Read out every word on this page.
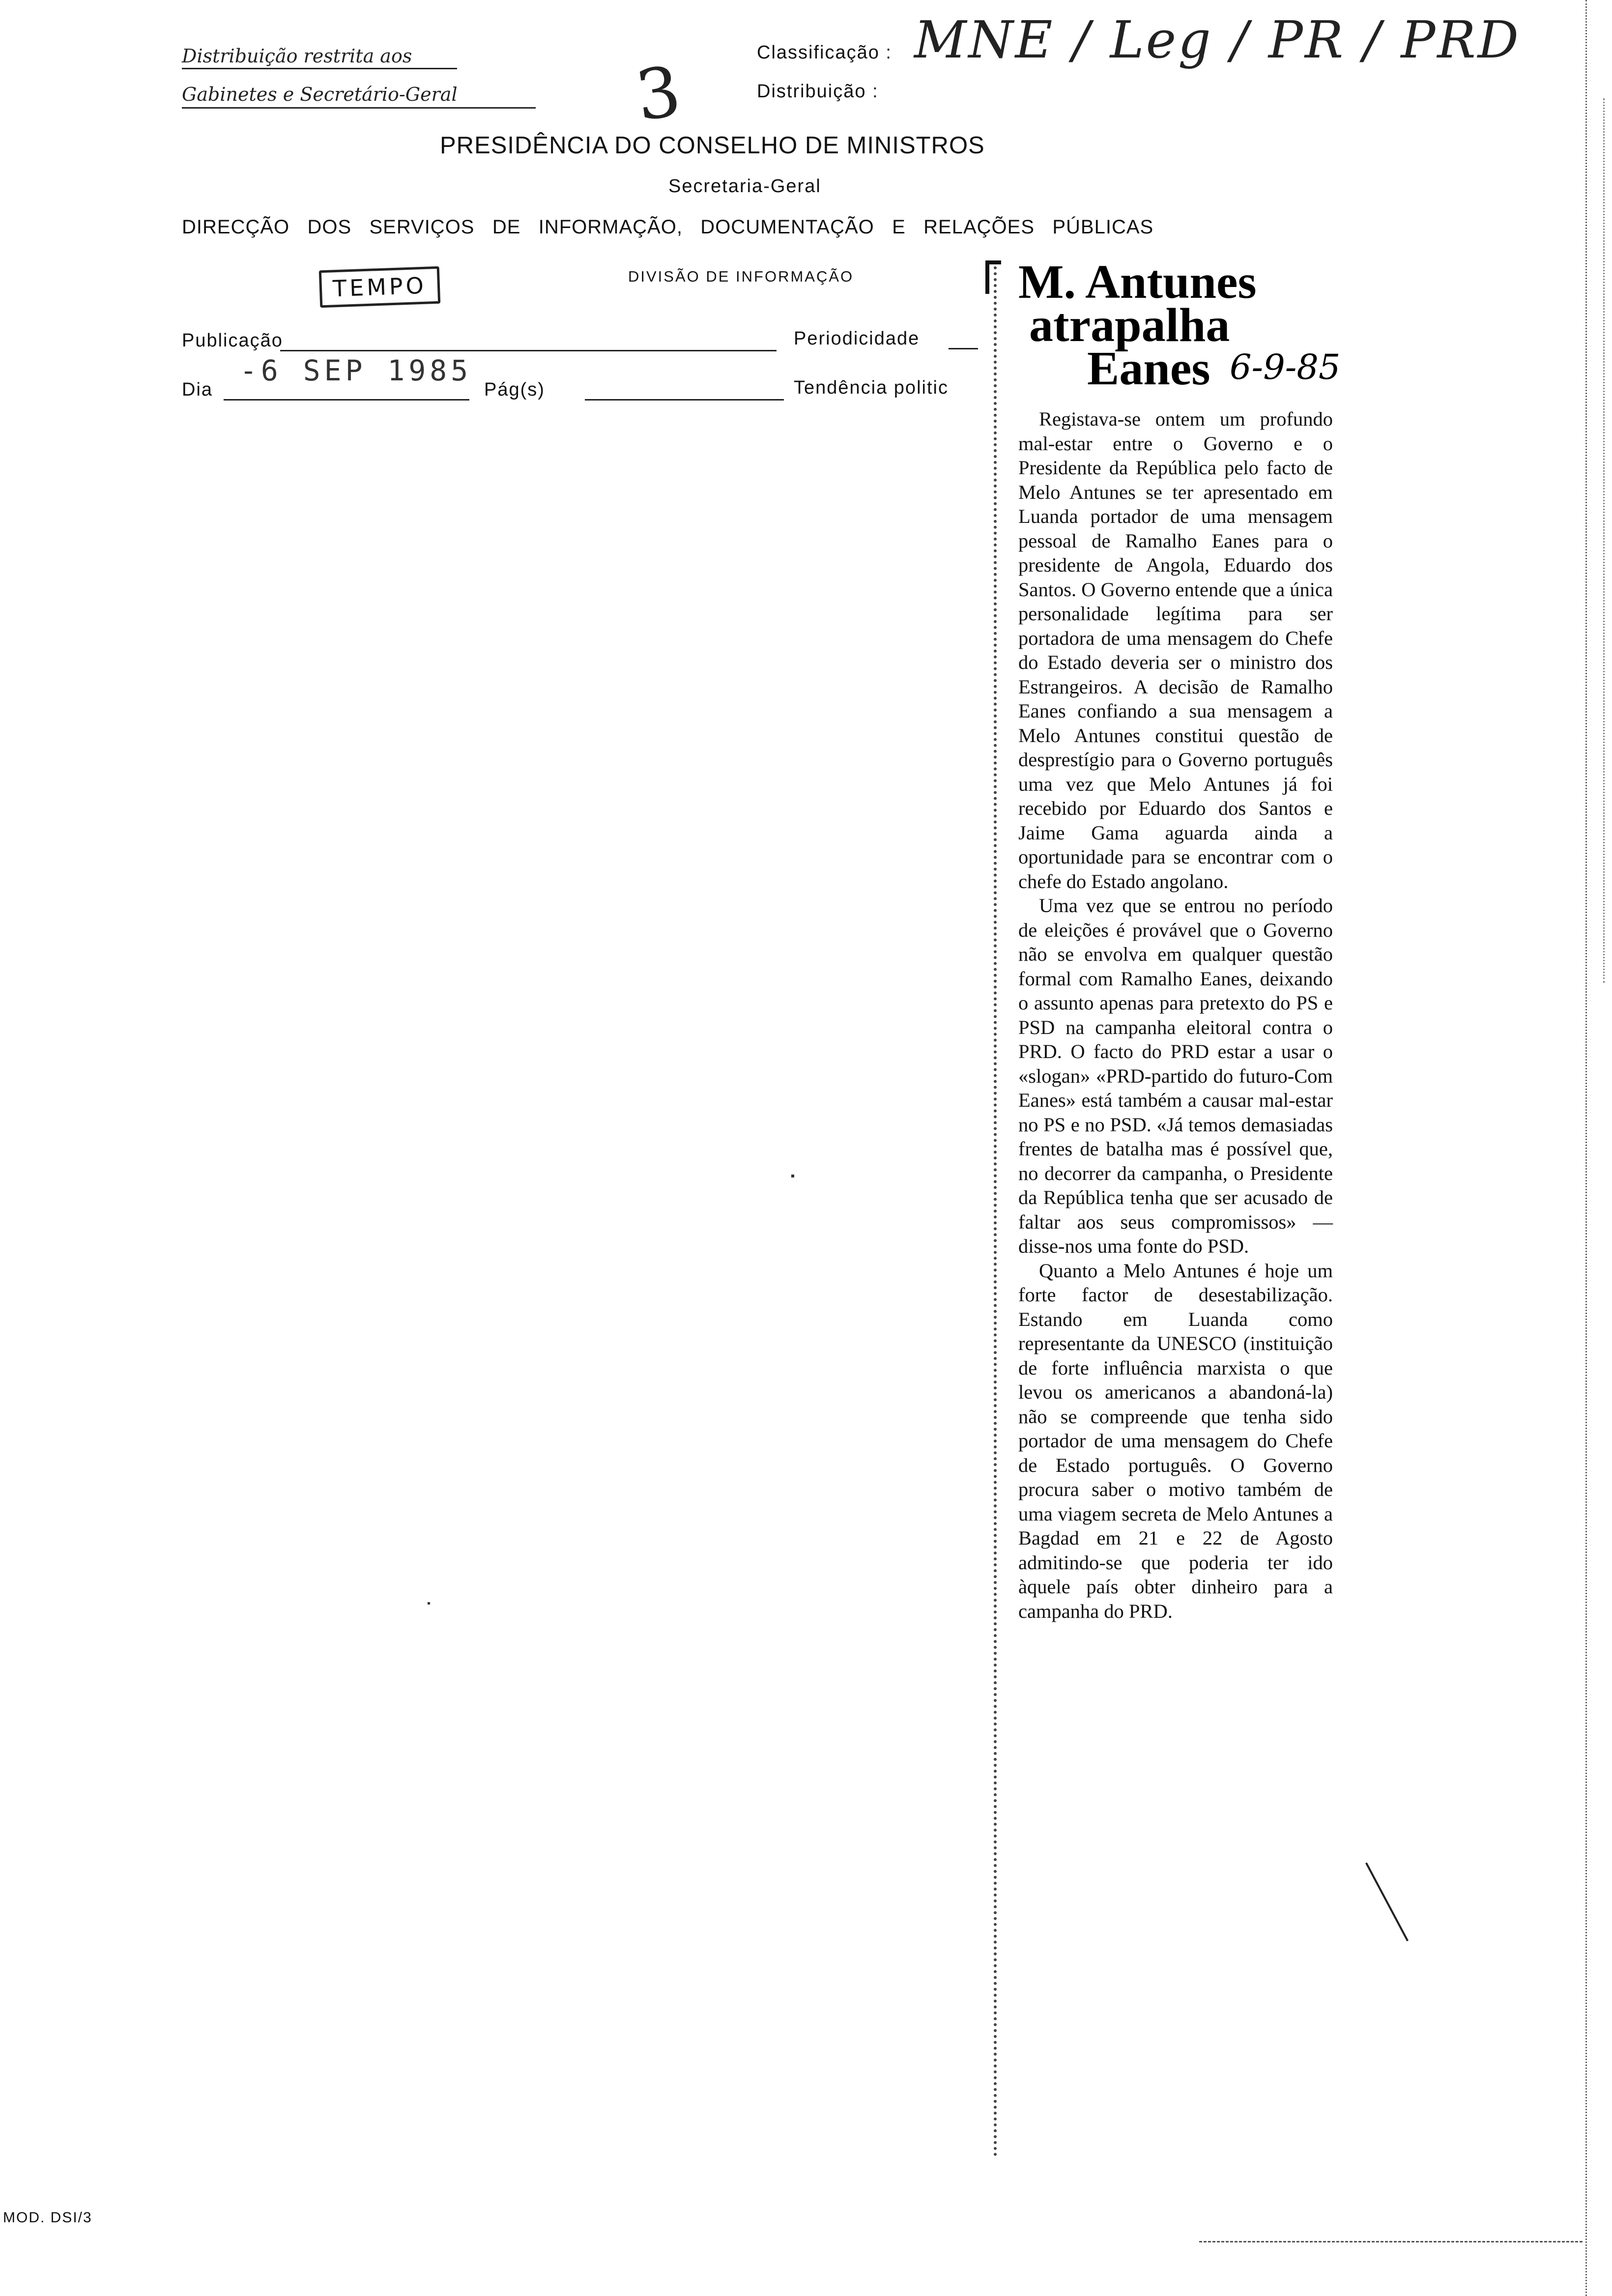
Distribuição restrita aos
Gabinetes e Secretário-Geral	3	Classificação : MNE / Leg / PR / PRD
Distribuição :
PRESIDÊNCIA DO CONSELHO DE MINISTROS
Secretaria-Geral
DIRECÇÃO   DOS   SERVIÇOS   DE   INFORMAÇÃO,   DOCUMENTAÇÃO   E   RELAÇÕES   PÚBLICAS
TEMPO	DIVISÃO DE INFORMAÇÃO
Publicação	Periodicidade
Dia
-6 SEP 1985
Pág(s)	Tendência politic
M. Antunes
atrapalha
Eanes 6-9-85

Registava-se ontem um profundo mal-estar entre o Governo e o Presidente da República pelo facto de Melo Antunes se ter apresentado em Luanda portador de uma mensagem pessoal de Ramalho Eanes para o presidente de Angola, Eduardo dos Santos. O Governo entende que a única personalidade legítima para ser portadora de uma mensagem do Chefe do Estado deveria ser o ministro dos Estrangeiros. A decisão de Ramalho Eanes confiando a sua mensagem a Melo Antunes constitui questão de desprestígio para o Governo português uma vez que Melo Antunes já foi recebido por Eduardo dos Santos e Jaime Gama aguarda ainda a oportunidade para se encontrar com o chefe do Estado angolano.

Uma vez que se entrou no período de eleições é provável que o Governo não se envolva em qualquer questão formal com Ramalho Eanes, deixando o assunto apenas para pretexto do PS e PSD na campanha eleitoral contra o PRD. O facto do PRD estar a usar o «slogan» «PRD-partido do futuro-Com Eanes» está também a causar mal-estar no PS e no PSD. «Já temos demasiadas frentes de batalha mas é possível que, no decorrer da campanha, o Presidente da República tenha que ser acusado de faltar aos seus compromissos» — disse-nos uma fonte do PSD.

Quanto a Melo Antunes é hoje um forte factor de desestabilização. Estando em Luanda como representante da UNESCO (instituição de forte influência marxista o que levou os americanos a abandoná-la) não se compreende que tenha sido portador de uma mensagem do Chefe de Estado português. O Governo procura saber o motivo também de uma viagem secreta de Melo Antunes a Bagdad em 21 e 22 de Agosto admitindo-se que poderia ter ido àquele país obter dinheiro para a campanha do PRD.

MOD. DSI/3
